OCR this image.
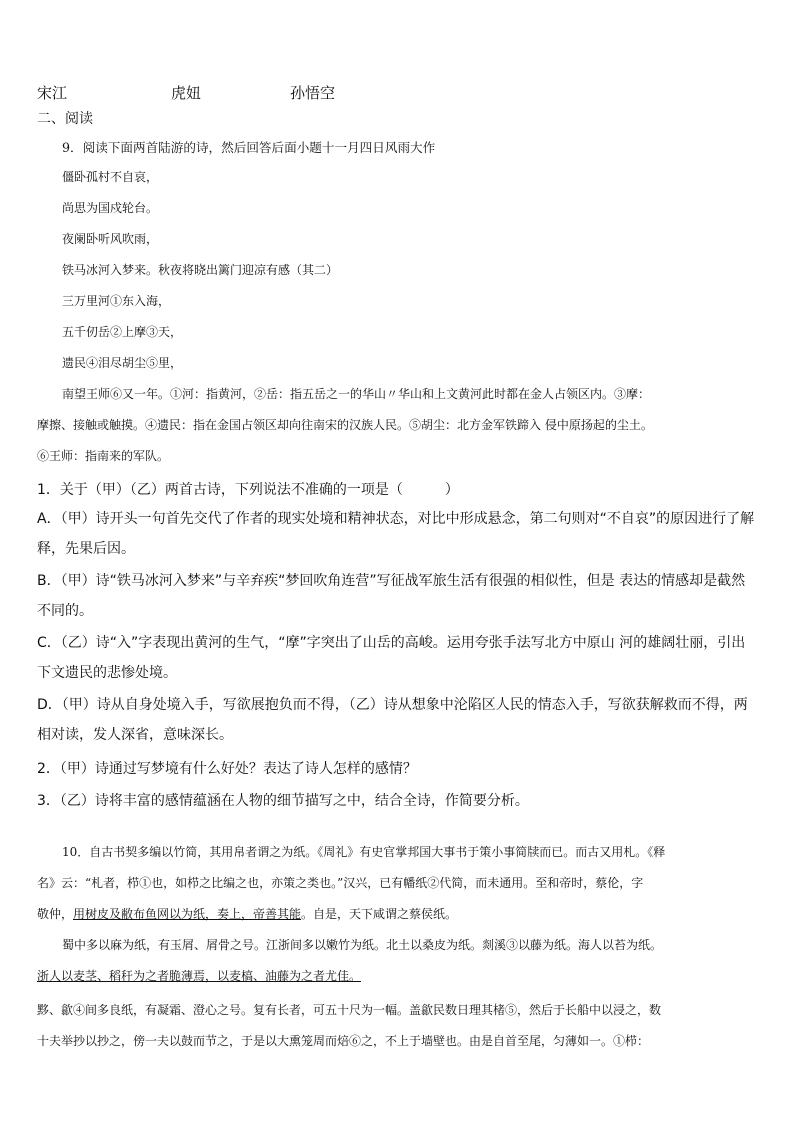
宋江	虎妞	孙悟空
二、阅读
9．阅读下面两首陆游的诗，然后回答后面小题十一月四日风雨大作
僵卧孤村不自哀，
尚思为国戍轮台。
夜阑卧听风吹雨，
铁马冰河入梦来。秋夜将晓出篱门迎凉有感（其二）
三万里河①东入海，
五千仞岳②上摩③天，
遗民④泪尽胡尘⑤里，
南望王师⑥又一年。①河：指黄河，②岳：指五岳之一的华山〃华山和上文黄河此时都在金人占领区内。③摩：
摩擦、接触或触摸。④遗民：指在金国占领区却向往南宋的汉族人民。⑤胡尘：北方金军铁蹄入 侵中原扬起的尘土。
⑥王师：指南来的军队。
1．关于（甲）（乙）两首古诗，下列说法不准确的一项是（　　　）
A．（甲）诗开头一句首先交代了作者的现实处境和精神状态，对比中形成悬念，第二句则对“不自哀”的原因进行了解释，先果后因。
B．（甲）诗“铁马冰河入梦来”与辛弃疾“梦回吹角连营”写征战军旅生活有很强的相似性，但是 表达的情感却是截然不同的。
C．（乙）诗“入”字表现出黄河的生气，“摩”字突出了山岳的高峻。运用夸张手法写北方中原山 河的雄阔壮丽，引出下文遗民的悲惨处境。
D．（甲）诗从自身处境入手，写欲展抱负而不得，（乙）诗从想象中沦陷区人民的情态入手，写欲获解救而不得，两相对读，发人深省，意味深长。
2．（甲）诗通过写梦境有什么好处？表达了诗人怎样的感情？
3．（乙）诗将丰富的感情蕴涵在人物的细节描写之中，结合全诗，作简要分析。
10．自古书契多编以竹简，其用帛者谓之为纸。《周礼》有史官掌邦国大事书于策小事简牍而已。而古又用札。《释
名》云：“札者，栉①也，如栉之比编之也，亦策之类也。”汉兴，已有幡纸②代简，而未通用。至和帝时，蔡伦，字
敬仲，用树皮及敝布鱼网以为纸，奏上，帝善其能。自是，天下咸谓之蔡侯纸。
蜀中多以麻为纸，有玉屑、屑骨之号。江浙间多以嫩竹为纸。北土以桑皮为纸。剡溪③以藤为纸。海人以苔为纸。
浙人以麦茎、稻秆为之者脆薄焉，以麦槁、油藤为之者尤佳。
黟、歙④间多良纸，有凝霜、澄心之号。复有长者，可五十尺为一幅。盖歙民数日理其楮⑤，然后于长船中以浸之，数
十夫举抄以抄之，傍一夫以鼓而节之，于是以大熏笼周而焙⑥之，不上于墙壁也。由是自首至尾，匀薄如一。①栉：
